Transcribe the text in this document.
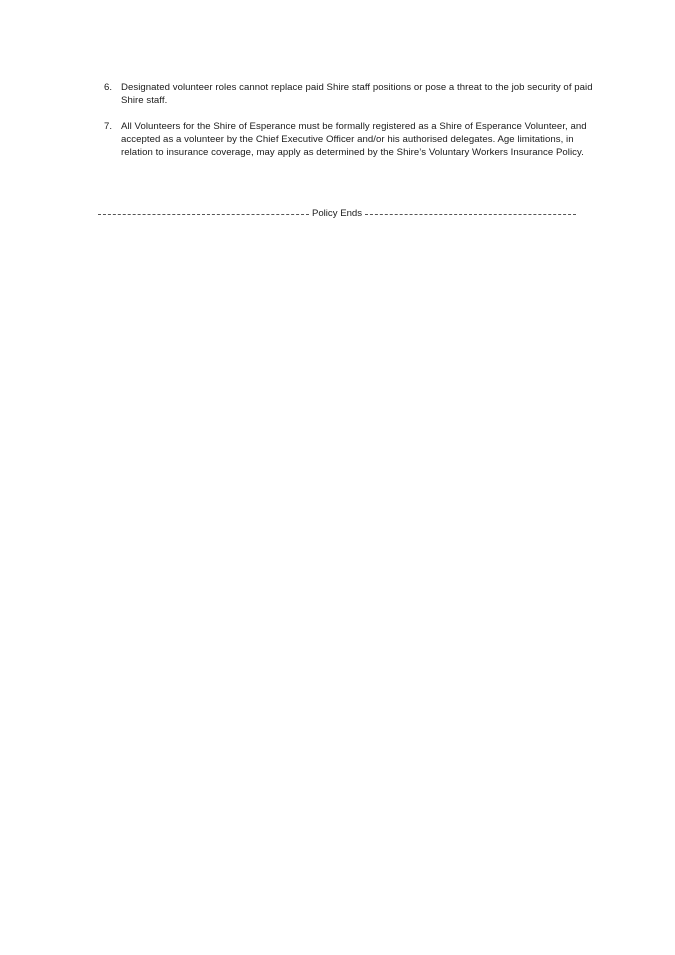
6. Designated volunteer roles cannot replace paid Shire staff positions or pose a threat to the job security of paid Shire staff.
7. All Volunteers for the Shire of Esperance must be formally registered as a Shire of Esperance Volunteer, and accepted as a volunteer by the Chief Executive Officer and/or his authorised delegates. Age limitations, in relation to insurance coverage, may apply as determined by the Shire’s Voluntary Workers Insurance Policy.
Policy Ends
